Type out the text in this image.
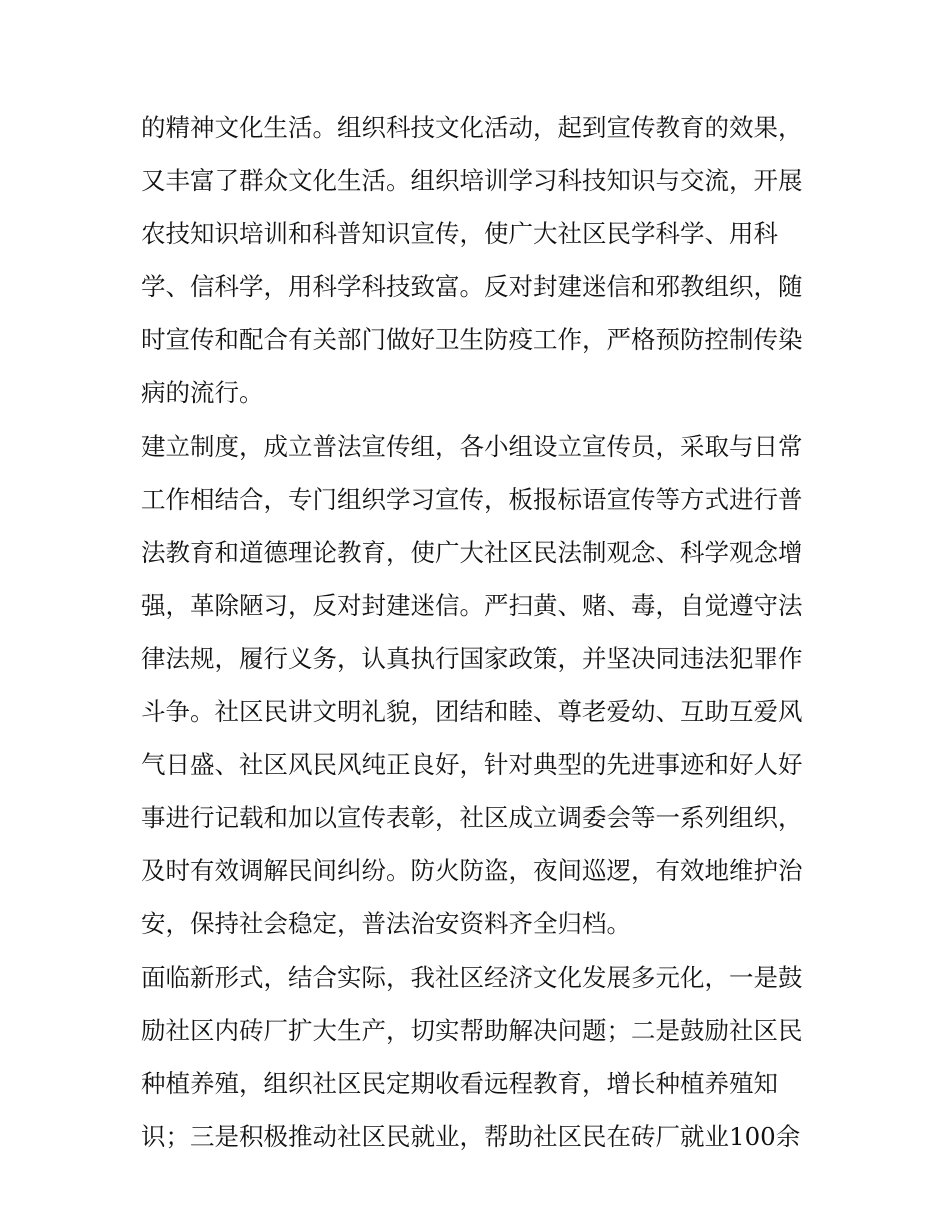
的精神文化生活。组织科技文化活动，起到宣传教育的效果，
又丰富了群众文化生活。组织培训学习科技知识与交流，开展
农技知识培训和科普知识宣传，使广大社区民学科学、用科
学、信科学，用科学科技致富。反对封建迷信和邪教组织，随
时宣传和配合有关部门做好卫生防疫工作，严格预防控制传染
病的流行。
建立制度，成立普法宣传组，各小组设立宣传员，采取与日常
工作相结合，专门组织学习宣传，板报标语宣传等方式进行普
法教育和道德理论教育，使广大社区民法制观念、科学观念增
强，革除陋习，反对封建迷信。严扫黄、赌、毒，自觉遵守法
律法规，履行义务，认真执行国家政策，并坚决同违法犯罪作
斗争。社区民讲文明礼貌，团结和睦、尊老爱幼、互助互爱风
气日盛、社区风民风纯正良好，针对典型的先进事迹和好人好
事进行记载和加以宣传表彰，社区成立调委会等一系列组织，
及时有效调解民间纠纷。防火防盗，夜间巡逻，有效地维护治
安，保持社会稳定，普法治安资料齐全归档。
面临新形式，结合实际，我社区经济文化发展多元化，一是鼓
励社区内砖厂扩大生产，切实帮助解决问题；二是鼓励社区民
种植养殖，组织社区民定期收看远程教育，增长种植养殖知
识；三是积极推动社区民就业，帮助社区民在砖厂就业100余
